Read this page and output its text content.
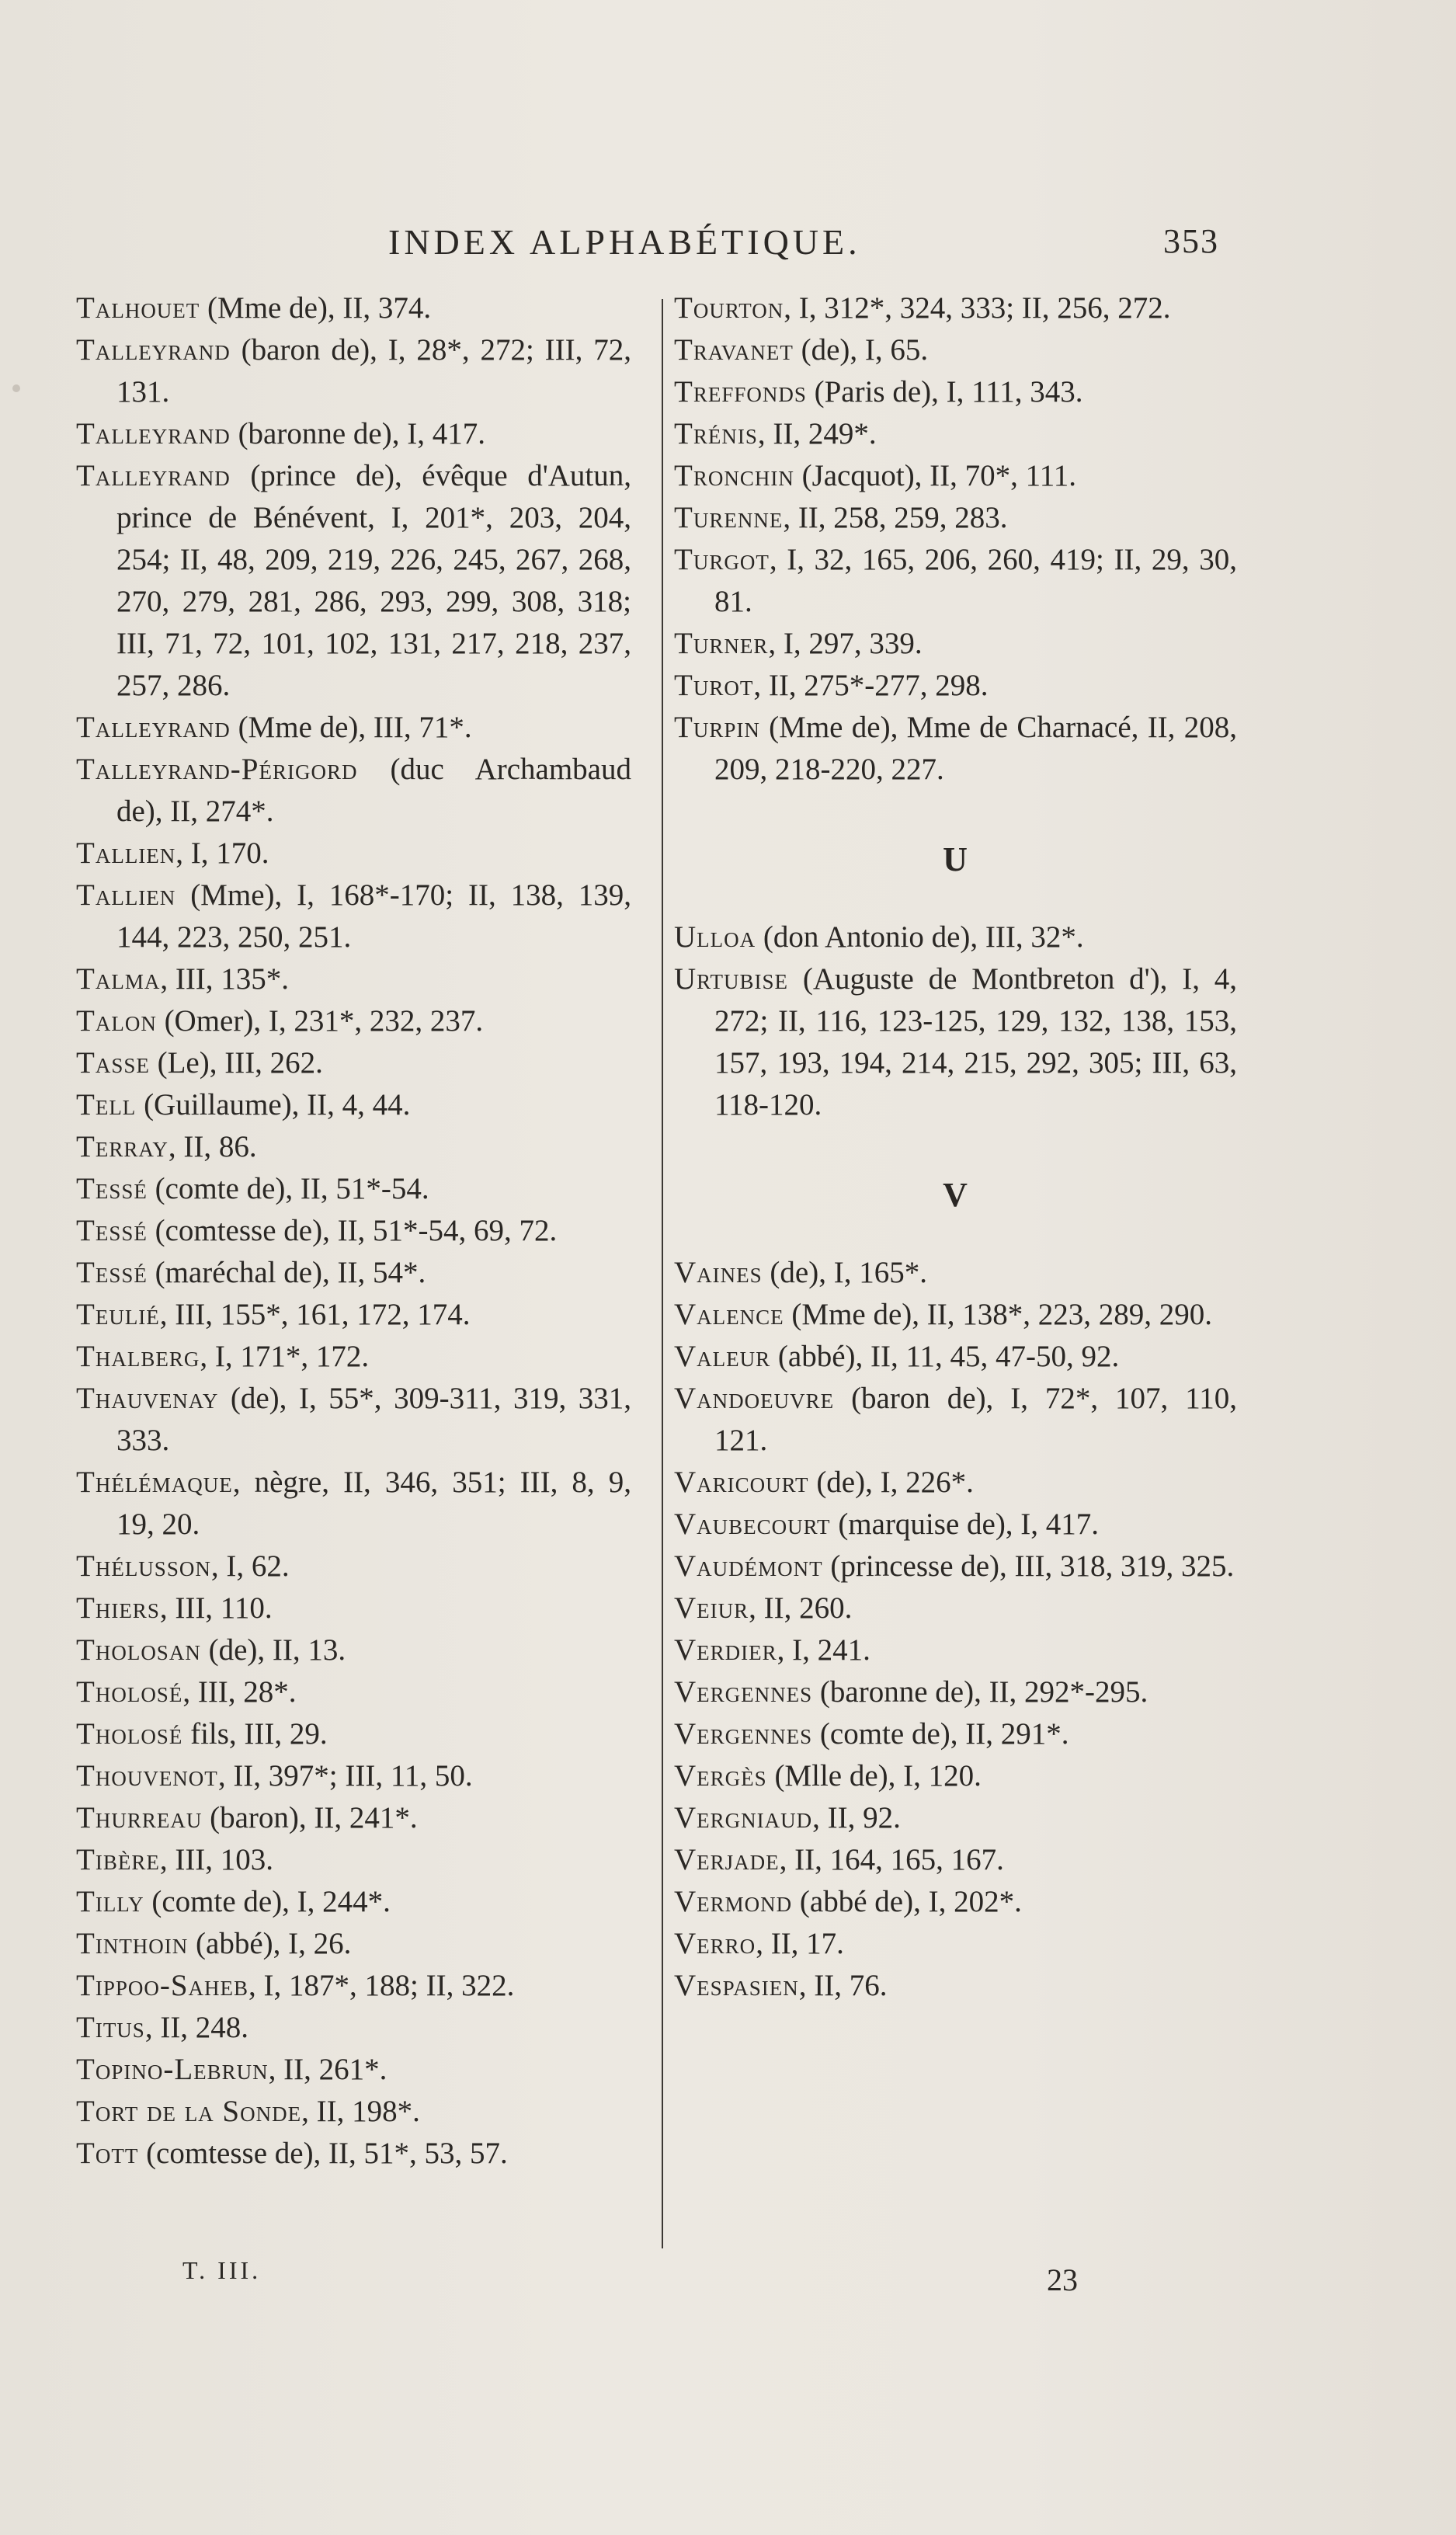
INDEX ALPHABÉTIQUE.	353

Talhouet (Mme de), II, 374.

Talleyrand (baron de), I, 28*, 272; III, 72, 131.

Talleyrand (baronne de), I, 417.

Talleyrand (prince de), évêque d'Autun, prince de Bénévent, I, 201*, 203, 204, 254; II, 48, 209, 219, 226, 245, 267, 268, 270, 279, 281, 286, 293, 299, 308, 318; III, 71, 72, 101, 102, 131, 217, 218, 237, 257, 286.

Talleyrand (Mme de), III, 71*.

Talleyrand-Périgord (duc Archambaud de), II, 274*.

Tallien, I, 170.

Tallien (Mme), I, 168*-170; II, 138, 139, 144, 223, 250, 251.

Talma, III, 135*.

Talon (Omer), I, 231*, 232, 237.

Tasse (Le), III, 262.

Tell (Guillaume), II, 4, 44.

Terray, II, 86.

Tessé (comte de), II, 51*-54.

Tessé (comtesse de), II, 51*-54, 69, 72.

Tessé (maréchal de), II, 54*.

Teulié, III, 155*, 161, 172, 174.

Thalberg, I, 171*, 172.

Thauvenay (de), I, 55*, 309-311, 319, 331, 333.

Thélémaque, nègre, II, 346, 351; III, 8, 9, 19, 20.

Thélusson, I, 62.

Thiers, III, 110.

Tholosan (de), II, 13.

Tholosé, III, 28*.

Tholosé fils, III, 29.

Thouvenot, II, 397*; III, 11, 50.

Thurreau (baron), II, 241*.

Tibère, III, 103.

Tilly (comte de), I, 244*.

Tinthoin (abbé), I, 26.

Tippoo-Saheb, I, 187*, 188; II, 322.

Titus, II, 248.

Topino-Lebrun, II, 261*.

Tort de la Sonde, II, 198*.

Tott (comtesse de), II, 51*, 53, 57.

Tourton, I, 312*, 324, 333; II, 256, 272.

Travanet (de), I, 65.

Treffonds (Paris de), I, 111, 343.

Trénis, II, 249*.

Tronchin (Jacquot), II, 70*, 111.

Turenne, II, 258, 259, 283.

Turgot, I, 32, 165, 206, 260, 419; II, 29, 30, 81.

Turner, I, 297, 339.

Turot, II, 275*-277, 298.

Turpin (Mme de), Mme de Charnacé, II, 208, 209, 218-220, 227.

U

Ulloa (don Antonio de), III, 32*.

Urtubise (Auguste de Montbreton d'), I, 4, 272; II, 116, 123-125, 129, 132, 138, 153, 157, 193, 194, 214, 215, 292, 305; III, 63, 118-120.

V

Vaines (de), I, 165*.

Valence (Mme de), II, 138*, 223, 289, 290.

Valeur (abbé), II, 11, 45, 47-50, 92.

Vandoeuvre (baron de), I, 72*, 107, 110, 121.

Varicourt (de), I, 226*.

Vaubecourt (marquise de), I, 417.

Vaudémont (princesse de), III, 318, 319, 325.

Veiur, II, 260.

Verdier, I, 241.

Vergennes (baronne de), II, 292*-295.

Vergennes (comte de), II, 291*.

Vergès (Mlle de), I, 120.

Vergniaud, II, 92.

Verjade, II, 164, 165, 167.

Vermond (abbé de), I, 202*.

Verro, II, 17.

Vespasien, II, 76.

T. III.	23
